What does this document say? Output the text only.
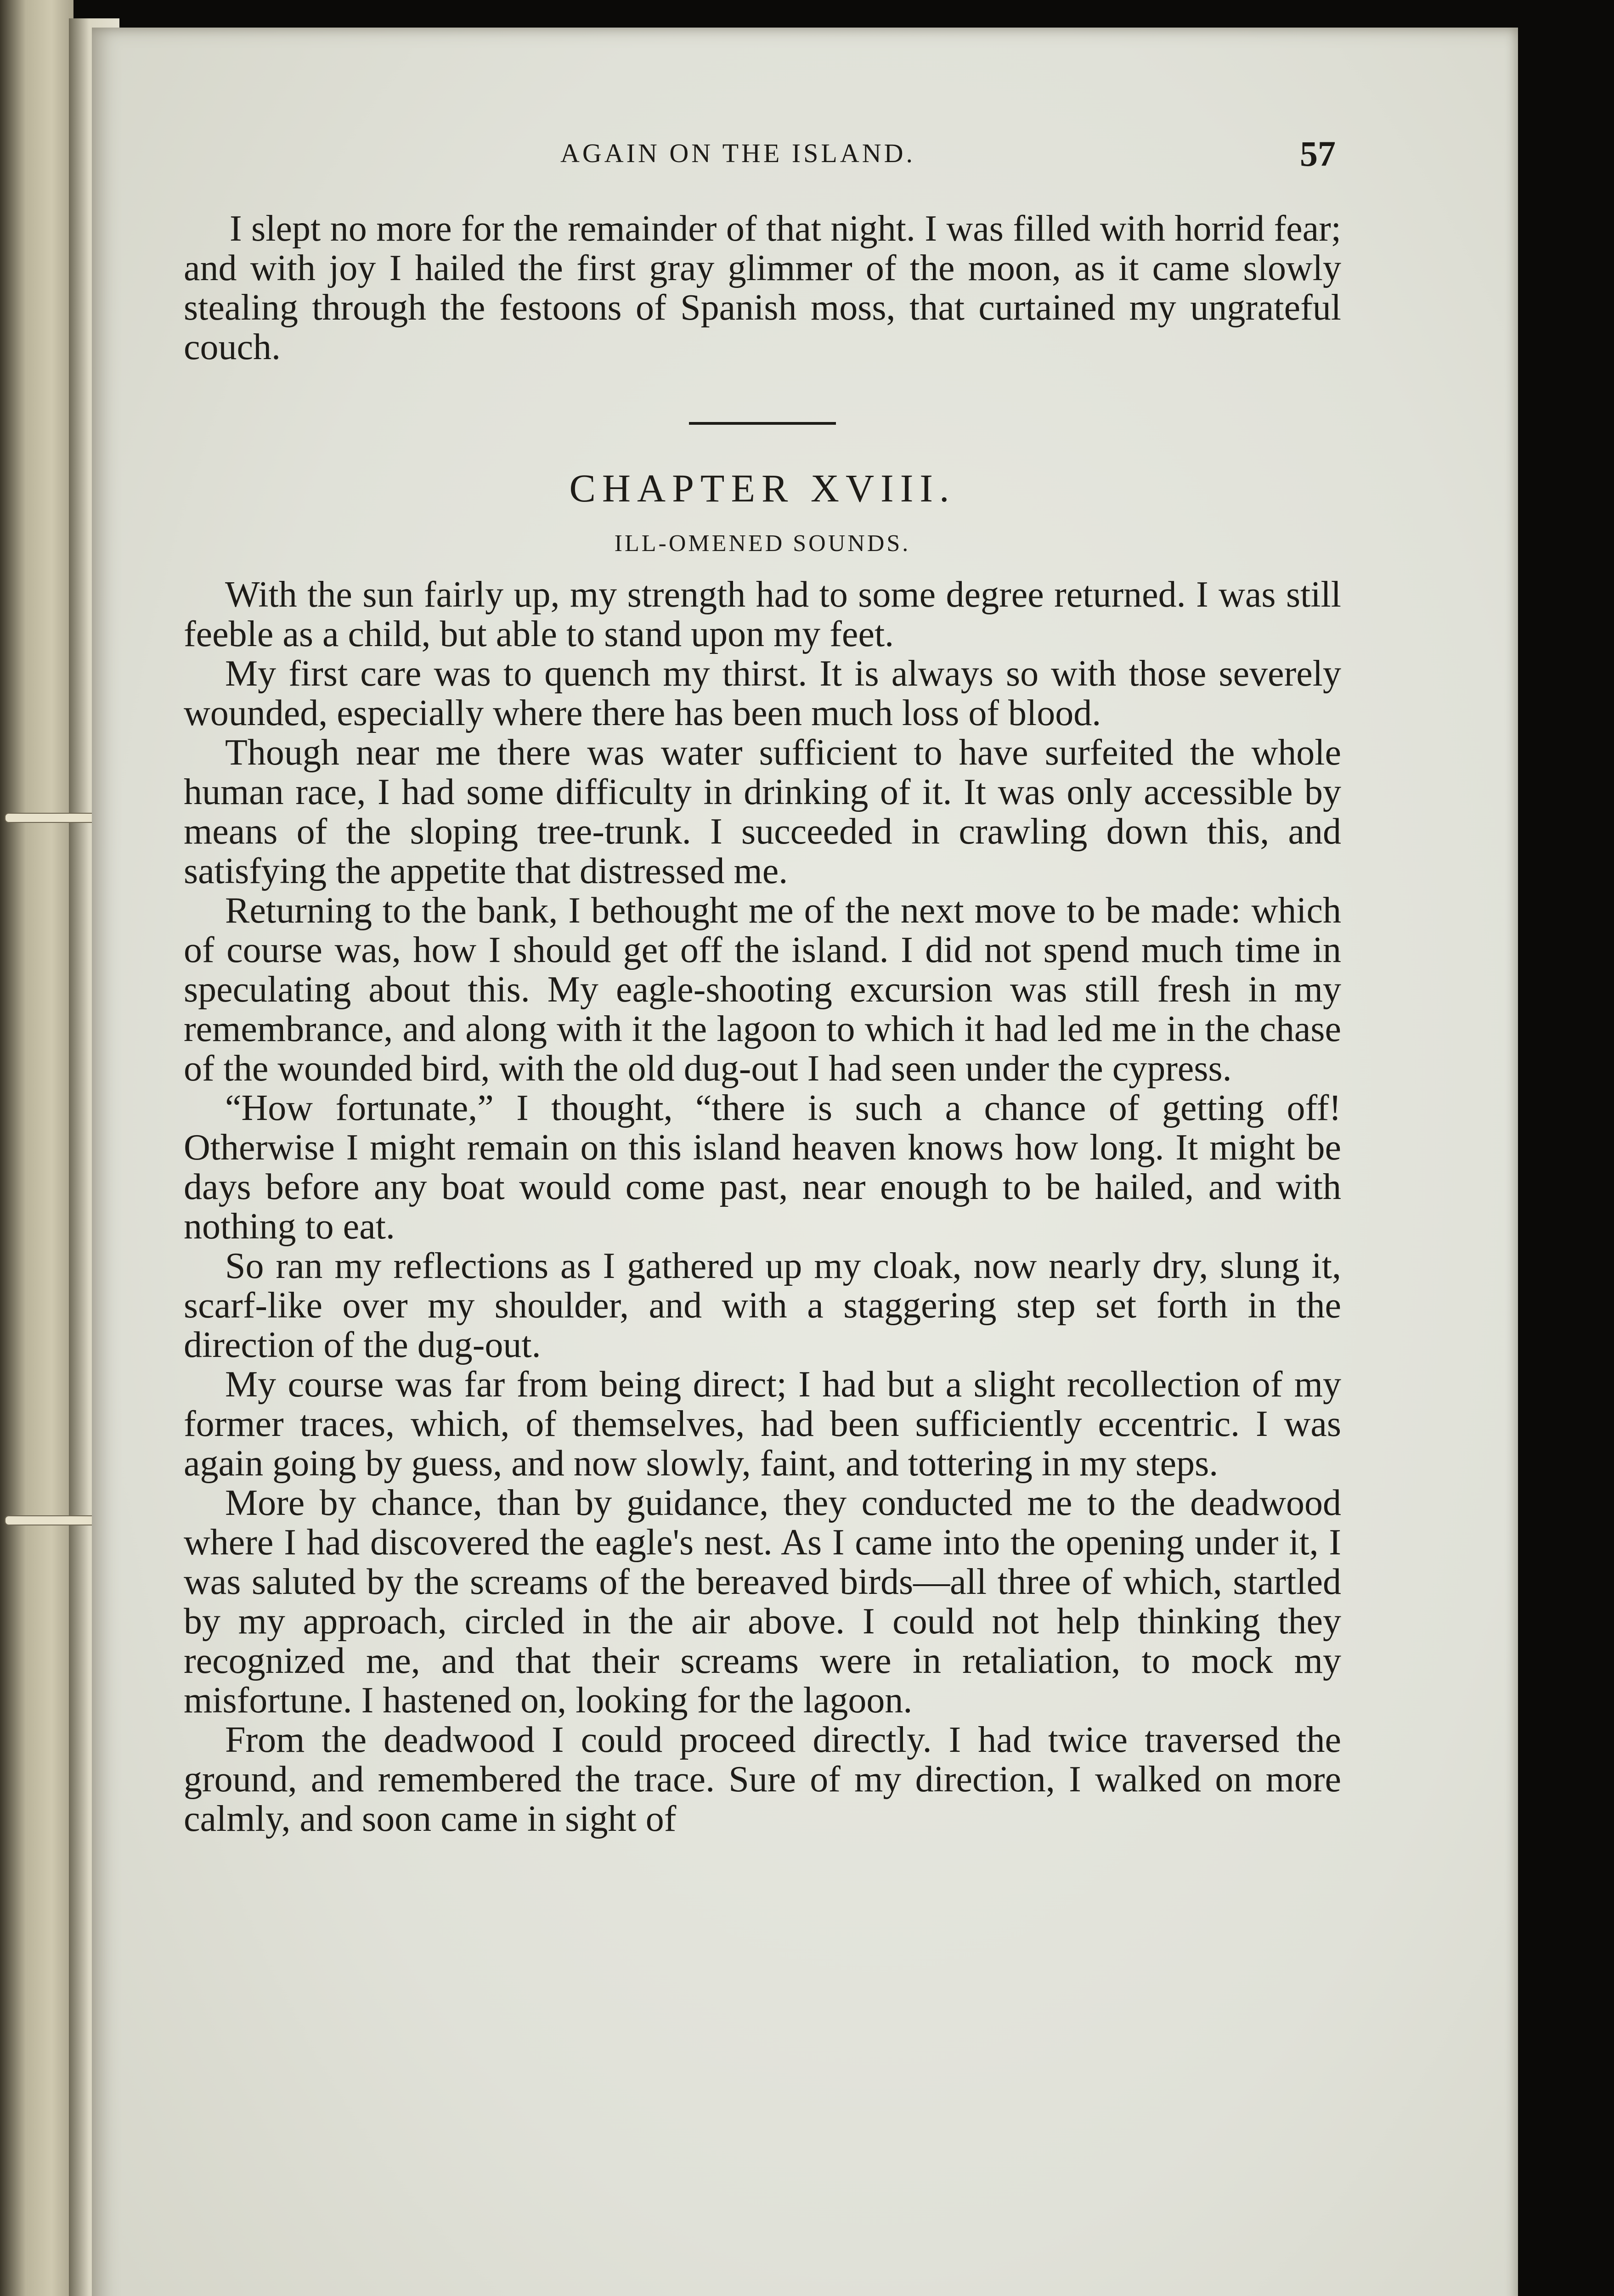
AGAIN ON THE ISLAND.	57

I slept no more for the remainder of that night. I was filled with horrid fear; and with joy I hailed the first gray glimmer of the moon, as it came slowly stealing through the festoons of Spanish moss, that curtained my ungrateful couch.

CHAPTER XVIII.
ILL-OMENED SOUNDS.

With the sun fairly up, my strength had to some degree returned. I was still feeble as a child, but able to stand upon my feet.

My first care was to quench my thirst. It is always so with those severely wounded, especially where there has been much loss of blood.

Though near me there was water sufficient to have surfeited the whole human race, I had some difficulty in drinking of it. It was only accessible by means of the sloping tree-trunk. I succeeded in crawling down this, and satisfying the appetite that distressed me.

Returning to the bank, I bethought me of the next move to be made: which of course was, how I should get off the island. I did not spend much time in speculating about this. My eagle-shooting excursion was still fresh in my remembrance, and along with it the lagoon to which it had led me in the chase of the wounded bird, with the old dug-out I had seen under the cypress.

“How fortunate,” I thought, “there is such a chance of getting off! Otherwise I might remain on this island heaven knows how long. It might be days before any boat would come past, near enough to be hailed, and with nothing to eat.

So ran my reflections as I gathered up my cloak, now nearly dry, slung it, scarf-like over my shoulder, and with a staggering step set forth in the direction of the dug-out.

My course was far from being direct; I had but a slight recollection of my former traces, which, of themselves, had been sufficiently eccentric. I was again going by guess, and now slowly, faint, and tottering in my steps.

More by chance, than by guidance, they conducted me to the deadwood where I had discovered the eagle's nest. As I came into the opening under it, I was saluted by the screams of the bereaved birds—all three of which, startled by my approach, circled in the air above. I could not help thinking they recognized me, and that their screams were in retaliation, to mock my misfortune. I hastened on, looking for the lagoon.

From the deadwood I could proceed directly. I had twice traversed the ground, and remembered the trace. Sure of my direction, I walked on more calmly, and soon came in sight of
